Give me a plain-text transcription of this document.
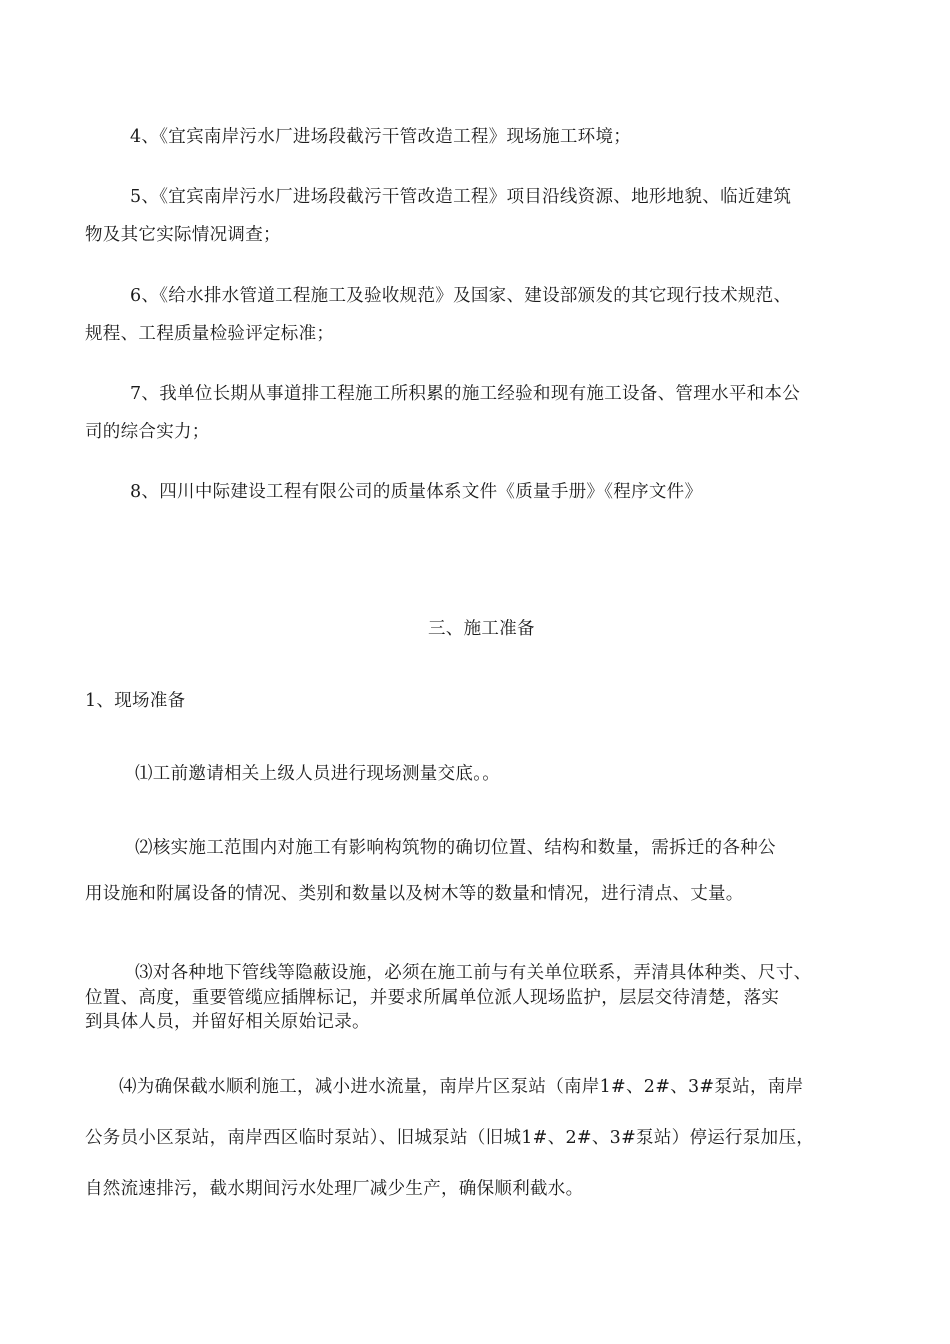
4、《宜宾南岸污水厂进场段截污干管改造工程》现场施工环境；
5、《宜宾南岸污水厂进场段截污干管改造工程》项目沿线资源、地形地貌、临近建筑
物及其它实际情况调查；
6、《给水排水管道工程施工及验收规范》及国家、建设部颁发的其它现行技术规范、
规程、工程质量检验评定标准；
7、我单位长期从事道排工程施工所积累的施工经验和现有施工设备、管理水平和本公
司的综合实力；
8、四川中际建设工程有限公司的质量体系文件《质量手册》《程序文件》
三、施工准备
1、现场准备
⑴工前邀请相关上级人员进行现场测量交底。。
⑵核实施工范围内对施工有影响构筑物的确切位置、结构和数量，需拆迁的各种公
用设施和附属设备的情况、类别和数量以及树木等的数量和情况，进行清点、丈量。
⑶对各种地下管线等隐蔽设施，必须在施工前与有关单位联系，弄清具体种类、尺寸、
位置、高度，重要管缆应插牌标记，并要求所属单位派人现场监护，层层交待清楚，落实
到具体人员，并留好相关原始记录。
⑷为确保截水顺利施工，减小进水流量，南岸片区泵站（南岸1#、2#、3#泵站，南岸
公务员小区泵站，南岸西区临时泵站）、旧城泵站（旧城1#、2#、3#泵站）停运行泵加压，
自然流速排污，截水期间污水处理厂减少生产，确保顺利截水。
